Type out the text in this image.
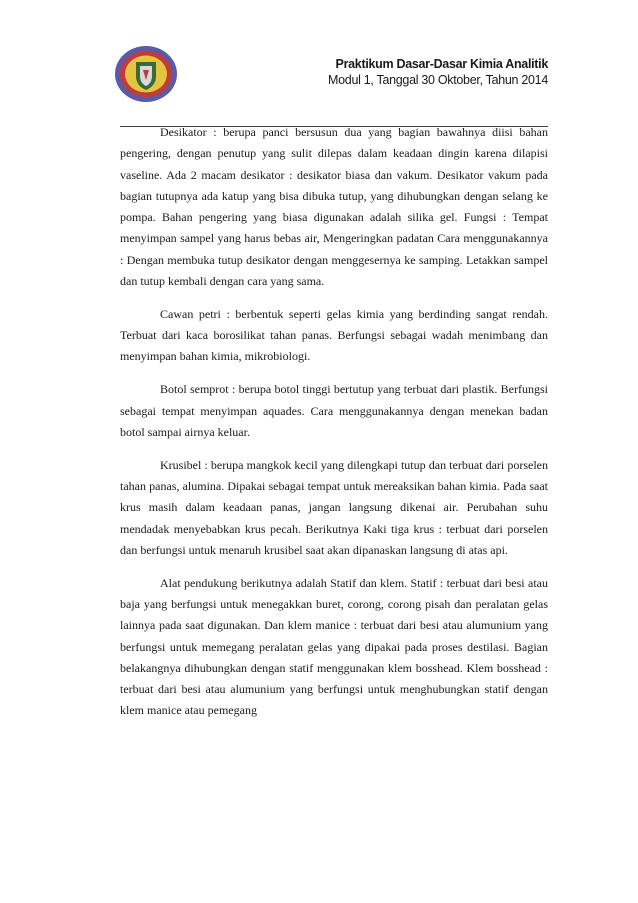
Praktikum Dasar-Dasar Kimia Analitik
Modul 1, Tanggal 30 Oktober, Tahun 2014

Desikator : berupa panci bersusun dua yang bagian bawahnya diisi bahan pengering, dengan penutup yang sulit dilepas dalam keadaan dingin karena dilapisi vaseline. Ada 2 macam desikator : desikator biasa dan vakum. Desikator vakum pada bagian tutupnya ada katup yang bisa dibuka tutup, yang dihubungkan dengan selang ke pompa. Bahan pengering yang biasa digunakan adalah silika gel. Fungsi : Tempat menyimpan sampel yang harus bebas air, Mengeringkan padatan Cara menggunakannya : Dengan membuka tutup desikator dengan menggesernya ke samping. Letakkan sampel dan tutup kembali dengan cara yang sama.

Cawan petri : berbentuk seperti gelas kimia yang berdinding sangat rendah. Terbuat dari kaca borosilikat tahan panas. Berfungsi sebagai wadah menimbang dan menyimpan bahan kimia, mikrobiologi.

Botol semprot : berupa botol tinggi bertutup yang terbuat dari plastik. Berfungsi sebagai tempat menyimpan aquades. Cara menggunakannya dengan menekan badan botol sampai airnya keluar.

Krusibel : berupa mangkok kecil yang dilengkapi tutup dan terbuat dari porselen tahan panas, alumina. Dipakai sebagai tempat untuk mereaksikan bahan kimia. Pada saat krus masih dalam keadaan panas, jangan langsung dikenai air. Perubahan suhu mendadak menyebabkan krus pecah. Berikutnya Kaki tiga krus : terbuat dari porselen dan berfungsi untuk menaruh krusibel saat akan dipanaskan langsung di atas api.

Alat pendukung berikutnya adalah Statif dan klem. Statif : terbuat dari besi atau baja yang berfungsi untuk menegakkan buret, corong, corong pisah dan peralatan gelas lainnya pada saat digunakan. Dan klem manice : terbuat dari besi atau alumunium yang berfungsi untuk memegang peralatan gelas yang dipakai pada proses destilasi. Bagian belakangnya dihubungkan dengan statif menggunakan klem bosshead. Klem bosshead : terbuat dari besi atau alumunium yang berfungsi untuk menghubungkan statif dengan klem manice atau pemegang
